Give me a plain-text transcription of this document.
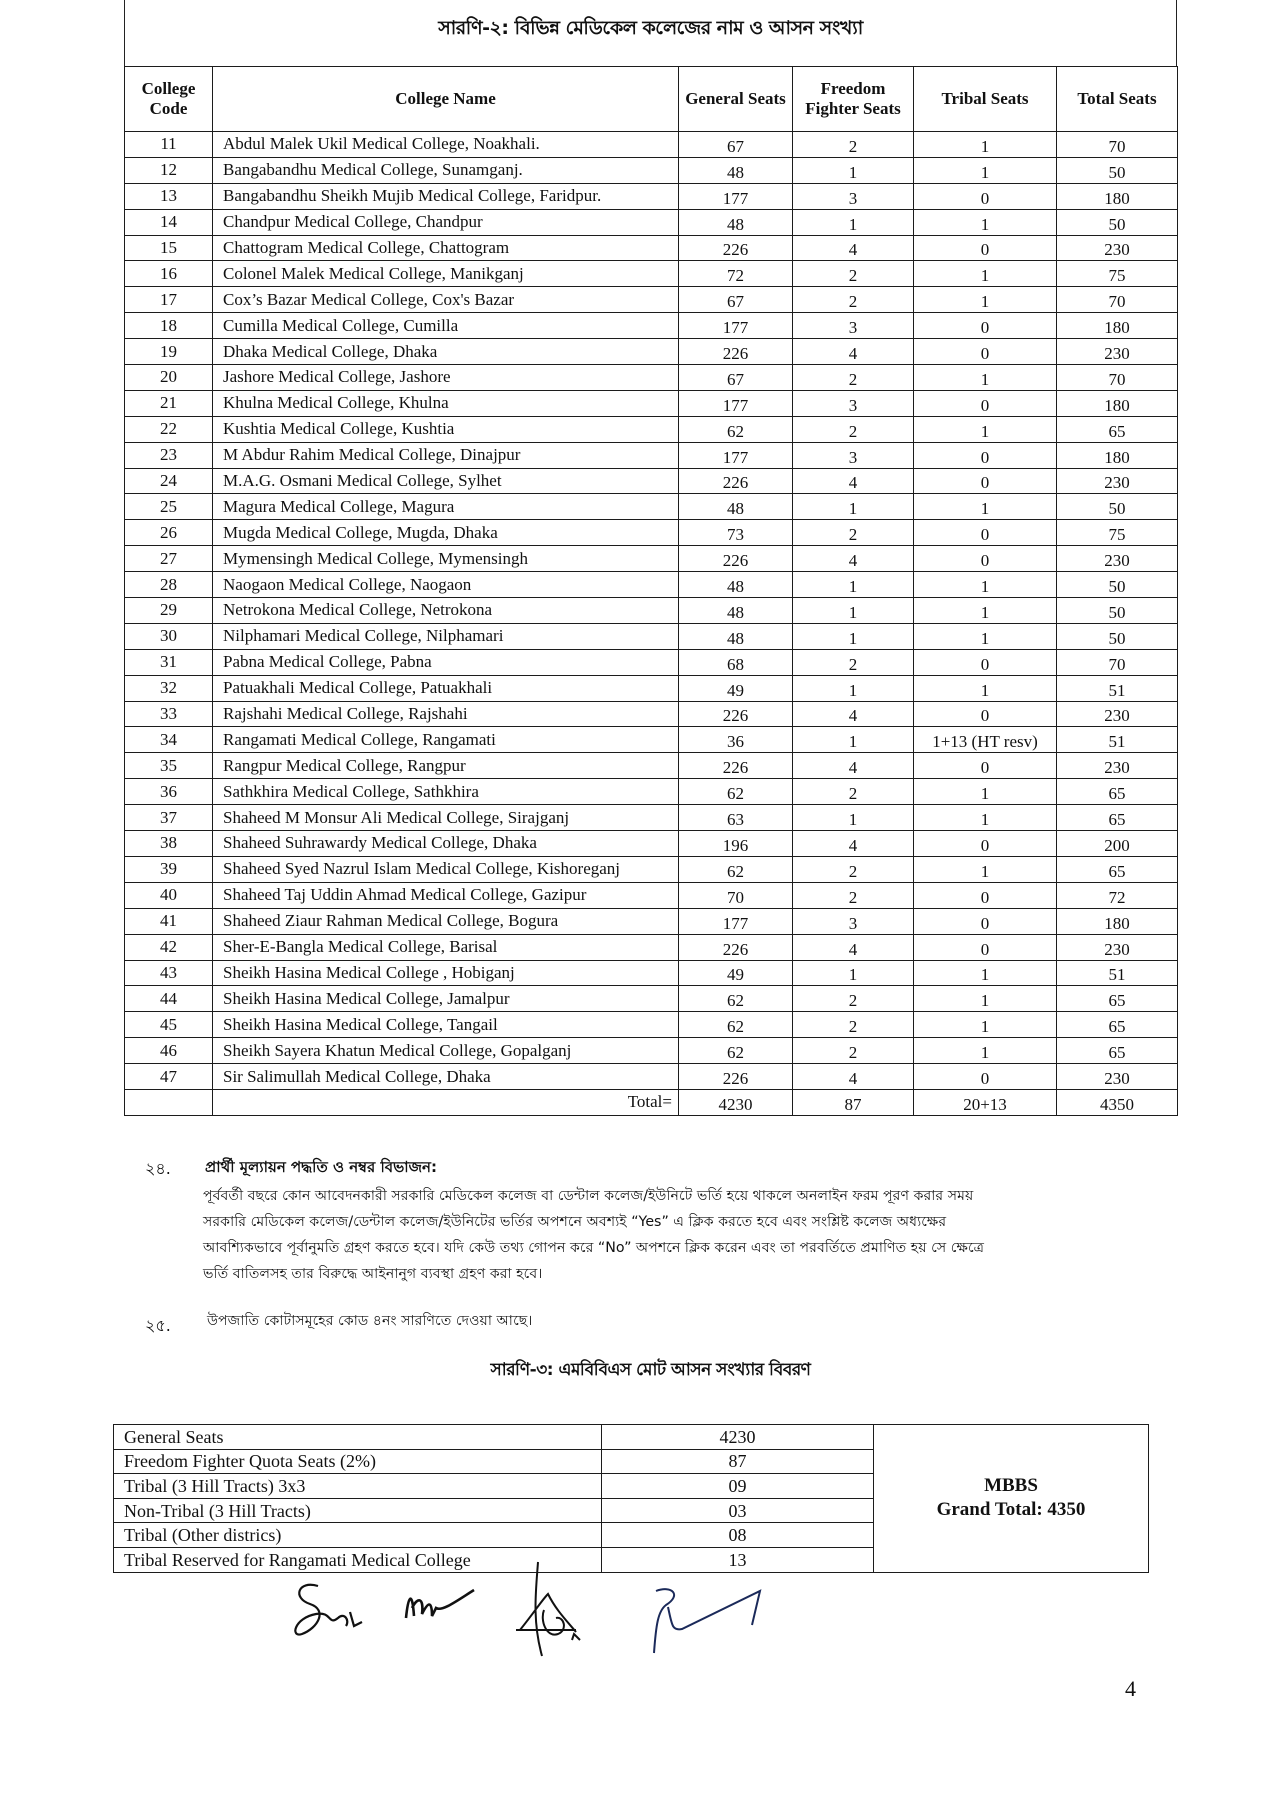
সারণি-২: বিভিন্ন মেডিকেল কলেজের নাম ও আসন সংখ্যা
College Code	College Name	General Seats	Freedom Fighter Seats	Tribal Seats	Total Seats
11	Abdul Malek Ukil Medical College, Noakhali.	67	2	1	70
12	Bangabandhu Medical College, Sunamganj.	48	1	1	50
13	Bangabandhu Sheikh Mujib Medical College, Faridpur.	177	3	0	180
14	Chandpur Medical College, Chandpur	48	1	1	50
15	Chattogram Medical College, Chattogram	226	4	0	230
16	Colonel Malek Medical College, Manikganj	72	2	1	75
17	Cox’s Bazar Medical College, Cox's Bazar	67	2	1	70
18	Cumilla Medical College, Cumilla	177	3	0	180
19	Dhaka Medical College, Dhaka	226	4	0	230
20	Jashore Medical College, Jashore	67	2	1	70
21	Khulna Medical College, Khulna	177	3	0	180
22	Kushtia Medical College, Kushtia	62	2	1	65
23	M Abdur Rahim Medical College, Dinajpur	177	3	0	180
24	M.A.G. Osmani Medical College, Sylhet	226	4	0	230
25	Magura Medical College, Magura	48	1	1	50
26	Mugda Medical College, Mugda, Dhaka	73	2	0	75
27	Mymensingh Medical College, Mymensingh	226	4	0	230
28	Naogaon Medical College, Naogaon	48	1	1	50
29	Netrokona Medical College, Netrokona	48	1	1	50
30	Nilphamari Medical College, Nilphamari	48	1	1	50
31	Pabna Medical College, Pabna	68	2	0	70
32	Patuakhali Medical College, Patuakhali	49	1	1	51
33	Rajshahi Medical College, Rajshahi	226	4	0	230
34	Rangamati Medical College, Rangamati	36	1	1+13 (HT resv)	51
35	Rangpur Medical College, Rangpur	226	4	0	230
36	Sathkhira Medical College, Sathkhira	62	2	1	65
37	Shaheed M Monsur Ali Medical College, Sirajganj	63	1	1	65
38	Shaheed Suhrawardy Medical College, Dhaka	196	4	0	200
39	Shaheed Syed Nazrul Islam Medical College, Kishoreganj	62	2	1	65
40	Shaheed Taj Uddin Ahmad Medical College, Gazipur	70	2	0	72
41	Shaheed Ziaur Rahman Medical College, Bogura	177	3	0	180
42	Sher-E-Bangla Medical College, Barisal	226	4	0	230
43	Sheikh Hasina Medical College , Hobiganj	49	1	1	51
44	Sheikh Hasina Medical College, Jamalpur	62	2	1	65
45	Sheikh Hasina Medical College, Tangail	62	2	1	65
46	Sheikh Sayera Khatun Medical College, Gopalganj	62	2	1	65
47	Sir Salimullah Medical College, Dhaka	226	4	0	230
	Total=	4230	87	20+13	4350
২৪. প্রার্থী মূল্যায়ন পদ্ধতি ও নম্বর বিভাজন:
পূর্ববর্তী বছরে কোন আবেদনকারী সরকারি মেডিকেল কলেজ বা ডেন্টাল কলেজ/ইউনিটে ভর্তি হয়ে থাকলে অনলাইন ফরম পূরণ করার সময়
সরকারি মেডিকেল কলেজ/ডেন্টাল কলেজ/ইউনিটের ভর্তির অপশনে অবশ্যই “Yes” এ ক্লিক করতে হবে এবং সংশ্লিষ্ট কলেজ অধ্যক্ষের
আবশ্যিকভাবে পূর্বানুমতি গ্রহণ করতে হবে। যদি কেউ তথ্য গোপন করে “No” অপশনে ক্লিক করেন এবং তা পরবর্তিতে প্রমাণিত হয় সে ক্ষেত্রে
ভর্তি বাতিলসহ তার বিরুদ্ধে আইনানুগ ব্যবস্থা গ্রহণ করা হবে।
২৫.	উপজাতি কোটাসমূহের কোড ৪নং সারণিতে দেওয়া আছে।
সারণি-৩: এমবিবিএস মোট আসন সংখ্যার বিবরণ
General Seats	4230	MBBS
Grand Total: 4350

Freedom Fighter Quota Seats (2%)	87	
Tribal (3 Hill Tracts) 3x3	09	
Non-Tribal (3 Hill Tracts)	03	
Tribal (Other districs)	08	
Tribal Reserved for Rangamati Medical College	13	
4
